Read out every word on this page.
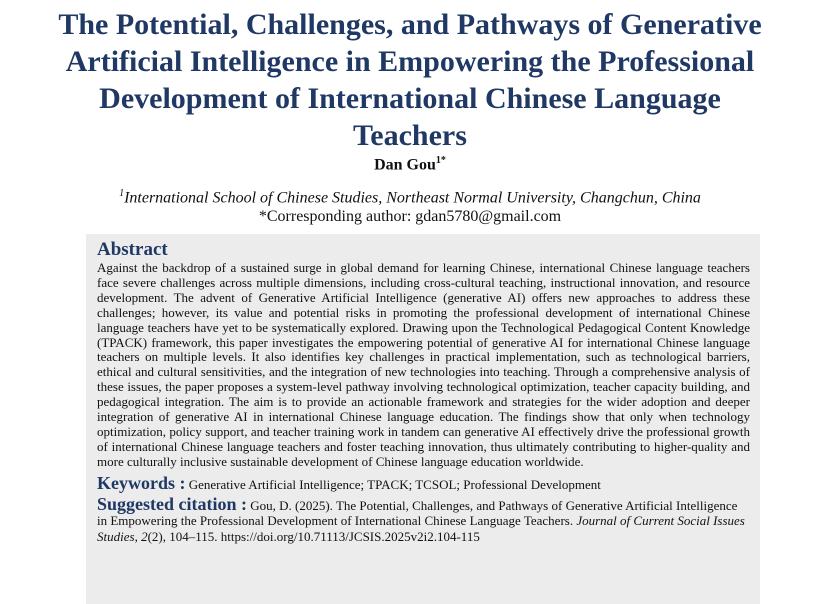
The Potential, Challenges, and Pathways of Generative Artificial Intelligence in Empowering the Professional Development of International Chinese Language Teachers
Dan Gou$^{1*}$
$^1$International School of Chinese Studies, Northeast Normal University, Changchun, China
*Corresponding author: gdan5780@gmail.com
Abstract

Against the backdrop of a sustained surge in global demand for learning Chinese, international Chinese language teachers face severe challenges across multiple dimensions, including cross-cultural teaching, instructional innovation, and resource development. The advent of Generative Artificial Intelligence (generative AI) offers new approaches to address these challenges; however, its value and potential risks in promoting the professional development of international Chinese language teachers have yet to be systematically explored. Drawing upon the Technological Pedagogical Content Knowledge (TPACK) framework, this paper investigates the empowering potential of generative AI for international Chinese language teachers on multiple levels. It also identifies key challenges in practical implementation, such as technological barriers, ethical and cultural sensitivities, and the integration of new technologies into teaching. Through a comprehensive analysis of these issues, the paper proposes a system-level pathway involving technological optimization, teacher capacity building, and pedagogical integration. The aim is to provide an actionable framework and strategies for the wider adoption and deeper integration of generative AI in international Chinese language education. The findings show that only when technology optimization, policy support, and teacher training work in tandem can generative AI effectively drive the professional growth of international Chinese language teachers and foster teaching innovation, thus ultimately contributing to higher-quality and more culturally inclusive sustainable development of Chinese language education worldwide.

Keywords : Generative Artificial Intelligence; TPACK; TCSOL; Professional Development
Suggested citation : Gou, D. (2025). The Potential, Challenges, and Pathways of Generative Artificial Intelligence in Empowering the Professional Development of International Chinese Language Teachers. Journal of Current Social Issues Studies, 2(2), 104–115. https://doi.org/10.71113/JCSIS.2025v2i2.104-115
